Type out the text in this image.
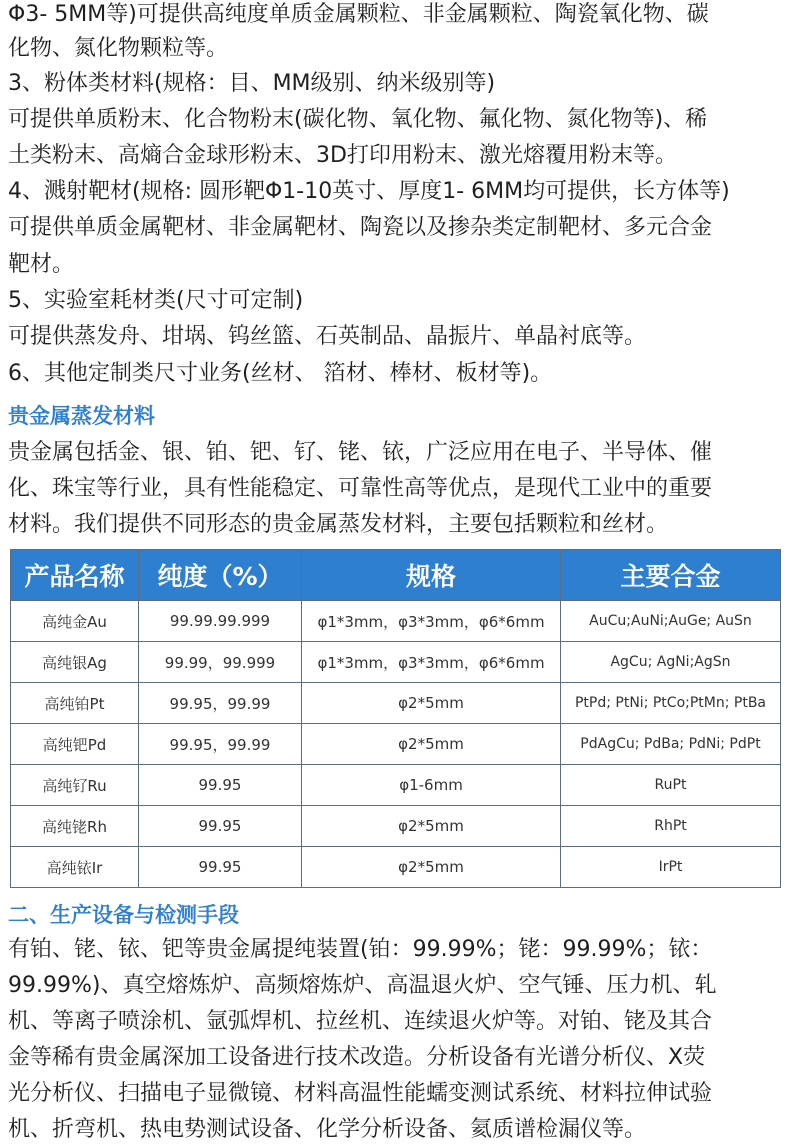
Φ3- 5MM等)可提供高纯度单质金属颗粒、非金属颗粒、陶瓷氧化物、碳
化物、氮化物颗粒等。
3、粉体类材料(规格：目、MM级别、纳米级别等)
可提供单质粉末、化合物粉末(碳化物、氧化物、氟化物、氮化物等)、稀
土类粉末、高熵合金球形粉末、3D打印用粉末、激光熔覆用粉末等。
4、溅射靶材(规格: 圆形靶Φ1-10英寸、厚度1- 6MM均可提供，长方体等)
可提供单质金属靶材、非金属靶材、陶瓷以及掺杂类定制靶材、多元合金
靶材。
5、实验室耗材类(尺寸可定制)
可提供蒸发舟、坩埚、钨丝篮、石英制品、晶振片、单晶衬底等。
6、其他定制类尺寸业务(丝材、 箔材、棒材、板材等)。
贵金属蒸发材料
贵金属包括金、银、铂、钯、钌、铑、铱，广泛应用在电子、半导体、催
化、珠宝等行业，具有性能稳定、可靠性高等优点，是现代工业中的重要
材料。我们提供不同形态的贵金属蒸发材料，主要包括颗粒和丝材。
产品名称	纯度（%）	规格	主要合金
高纯金Au	99.99.99.999	φ1*3mm，φ3*3mm，φ6*6mm	AuCu;AuNi;AuGe; AuSn
高纯银Ag	99.99，99.999	φ1*3mm，φ3*3mm，φ6*6mm	AgCu; AgNi;AgSn
高纯铂Pt	99.95，99.99	φ2*5mm	PtPd; PtNi; PtCo;PtMn; PtBa
高纯钯Pd	99.95，99.99	φ2*5mm	PdAgCu; PdBa; PdNi; PdPt
高纯钌Ru	99.95	φ1-6mm	RuPt
高纯铑Rh	99.95	φ2*5mm	RhPt
高纯铱Ir	99.95	φ2*5mm	IrPt
二、生产设备与检测手段
有铂、铑、铱、钯等贵金属提纯装置(铂：99.99%；铑：99.99%；铱：
99.99%)、真空熔炼炉、高频熔炼炉、高温退火炉、空气锤、压力机、轧
机、等离子喷涂机、氩弧焊机、拉丝机、连续退火炉等。对铂、铑及其合
金等稀有贵金属深加工设备进行技术改造。分析设备有光谱分析仪、X荧
光分析仪、扫描电子显微镜、材料高温性能蠕变测试系统、材料拉伸试验
机、折弯机、热电势测试设备、化学分析设备、氦质谱检漏仪等。
